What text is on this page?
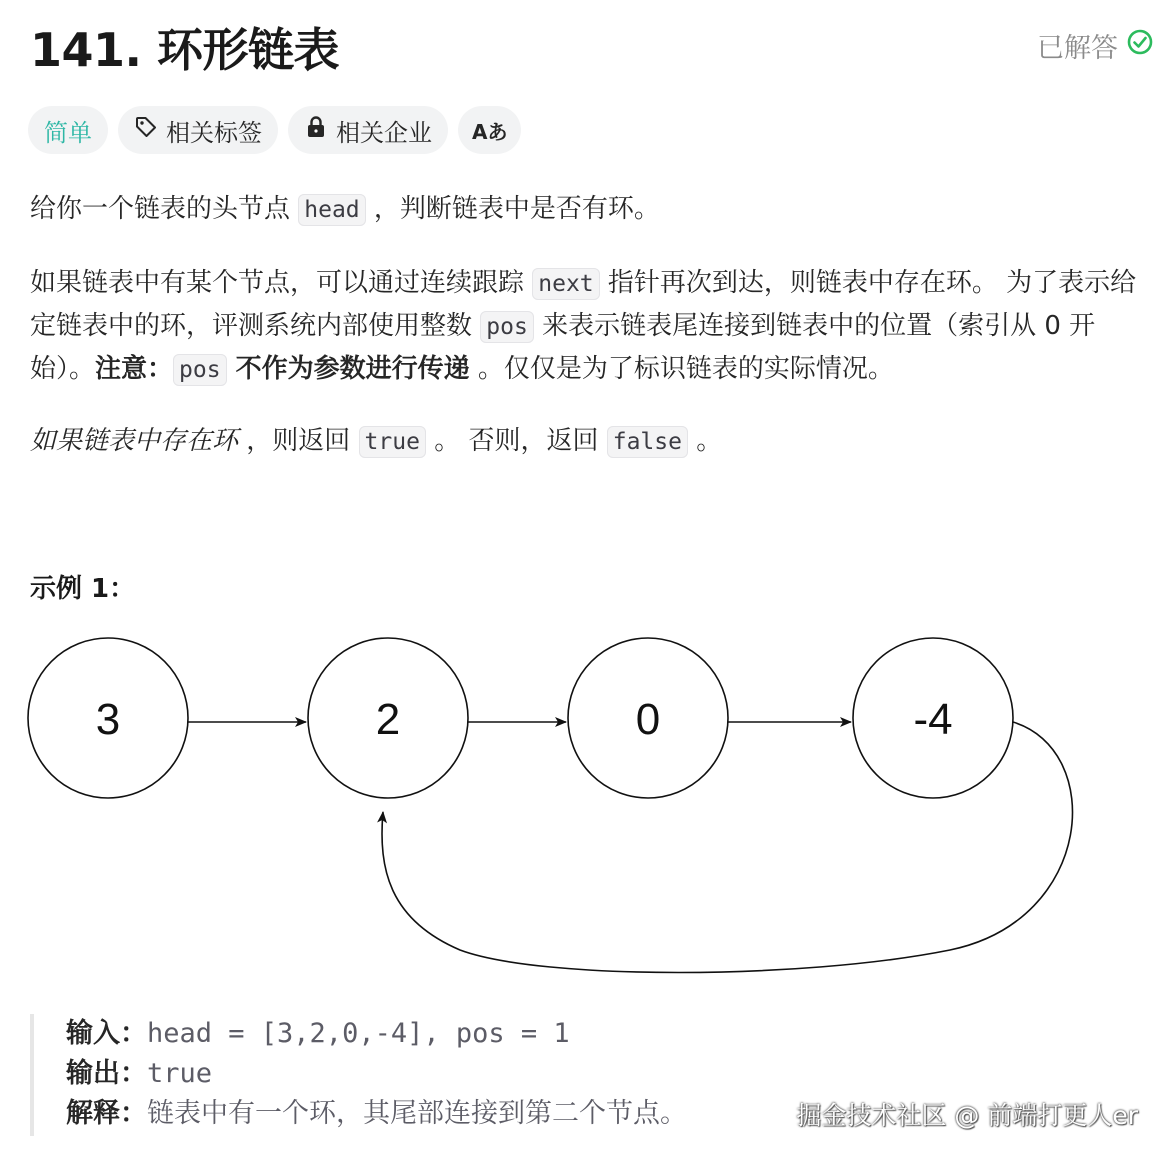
141. 环形链表	已解答
简单	相关标签	相关企业 Aあ

给你一个链表的头节点 head ，判断链表中是否有环。

如果链表中有某个节点，可以通过连续跟踪 next 指针再次到达，则链表中存在环。 为了表示给定链表中的环，评测系统内部使用整数 pos 来表示链表尾连接到链表中的位置（索引从 0 开始）。注意： pos 不作为参数进行传递 。仅仅是为了标识链表的实际情况。

如果链表中存在环 ，则返回 true 。 否则，返回 false 。

示例 1：
3	2	0	-4
输入：head = [3,2,0,-4], pos = 1
输出：true
解释：链表中有一个环，其尾部连接到第二个节点。	掘金技术社区 @ 前端打更人er
